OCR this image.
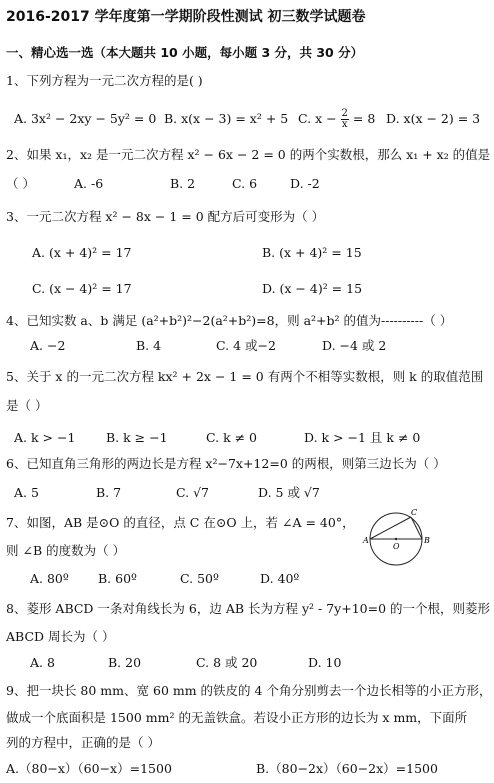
2016-2017 学年度第一学期阶段性测试 初三数学试题卷
一、精心选一选（本大题共 10 小题，每小题 3 分，共 30 分）
1、下列方程为一元二次方程的是( )
A. 3x² − 2xy − 5y² = 0 B. x(x − 3) = x² + 5 C. $x - \frac{2}{x} = 8$ D. x(x − 2) = 3
2、如果 x₁，x₂ 是一元二次方程 x² − 6x − 2 = 0 的两个实数根，那么 x₁ + x₂ 的值是
（ ）	A. -6	B. 2	C. 6	D. -2
3、一元二次方程 x² − 8x − 1 = 0 配方后可变形为（ ）
A. (x + 4)² = 17	B. (x + 4)² = 15
C. (x − 4)² = 17	D. (x − 4)² = 15
4、已知实数 a、b 满足 (a²+b²)²−2(a²+b²)=8，则 a²+b² 的值为----------（ ）
A. −2	B. 4	C. 4 或−2	D. −4 或 2
5、关于 x 的一元二次方程 kx² + 2x − 1 = 0 有两个不相等实数根，则 k 的取值范围
是（ ）
A. k > −1 B. k ≥ −1	C. k ≠ 0	D. k > −1 且 k ≠ 0
6、已知直角三角形的两边长是方程 x²−7x+12=0 的两根，则第三边长为（ ）
A. 5	B. 7	C. √7	D. 5 或 √7
7、如图，AB 是⊙O 的直径，点 C 在⊙O 上，若 ∠A = 40°，
则 ∠B 的度数为（ ）
A. 80º B. 60º	C. 50º	D. 40º
A	B
C
O
8、菱形 ABCD 一条对角线长为 6，边 AB 长为方程 y² - 7y+10=0 的一个根，则菱形
ABCD 周长为（ ）
A. 8	B. 20	C. 8 或 20	D. 10
9、把一块长 80 mm、宽 60 mm 的铁皮的 4 个角分别剪去一个边长相等的小正方形，
做成一个底面积是 1500 mm² 的无盖铁盒。若设小正方形的边长为 x mm，下面所
列的方程中，正确的是（ ）
A.（80−x）（60−x）=1500	B.（80−2x）（60−2x）=1500
